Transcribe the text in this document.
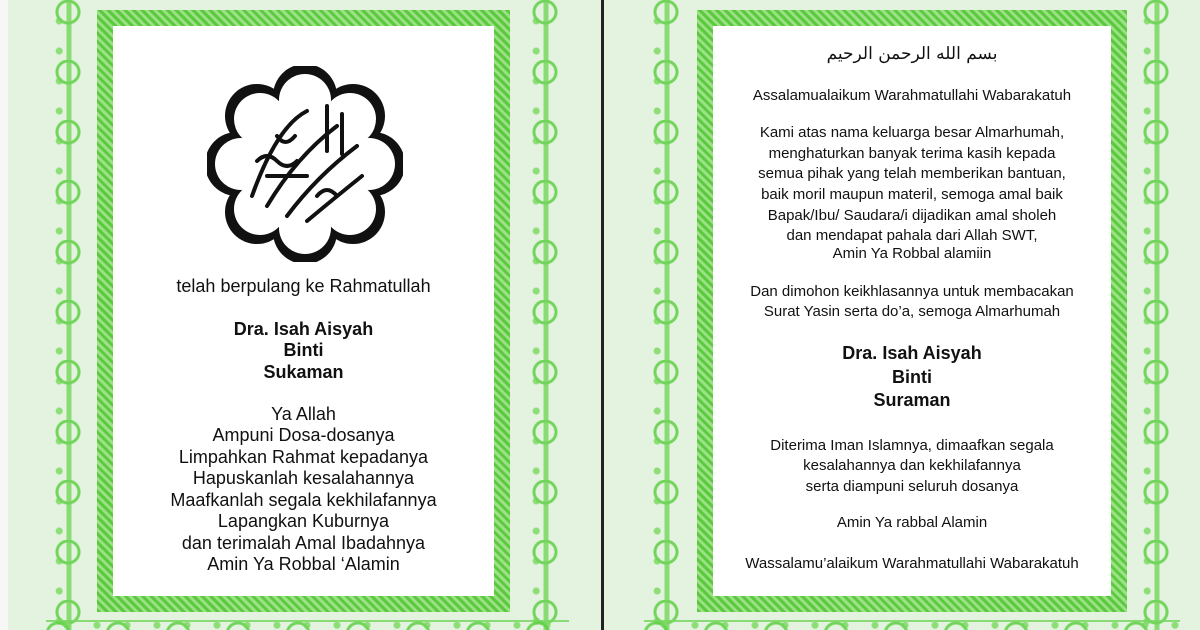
telah berpulang ke Rahmatullah
Dra. Isah Aisyah
Binti
Sukaman
Ya Allah
Ampuni Dosa-dosanya
Limpahkan Rahmat kepadanya
Hapuskanlah kesalahannya
Maafkanlah segala kekhilafannya
Lapangkan Kuburnya
dan terimalah Amal Ibadahnya
Amin Ya Robbal ‘Alamin
بسم الله الرحمن الرحيم
Assalamualaikum Warahmatullahi Wabarakatuh
Kami atas nama keluarga besar Almarhumah,
menghaturkan banyak terima kasih kepada
semua pihak yang telah memberikan bantuan,
baik moril maupun materil, semoga amal baik
Bapak/Ibu/ Saudara/i dijadikan amal sholeh
dan mendapat pahala dari Allah SWT,
Amin Ya Robbal alamiin
Dan dimohon keikhlasannya untuk membacakan
Surat Yasin serta do’a, semoga Almarhumah
Dra. Isah Aisyah
Binti
Suraman
Diterima Iman Islamnya, dimaafkan segala
kesalahannya dan kekhilafannya
serta diampuni seluruh dosanya
Amin Ya rabbal Alamin
Wassalamu’alaikum Warahmatullahi Wabarakatuh
